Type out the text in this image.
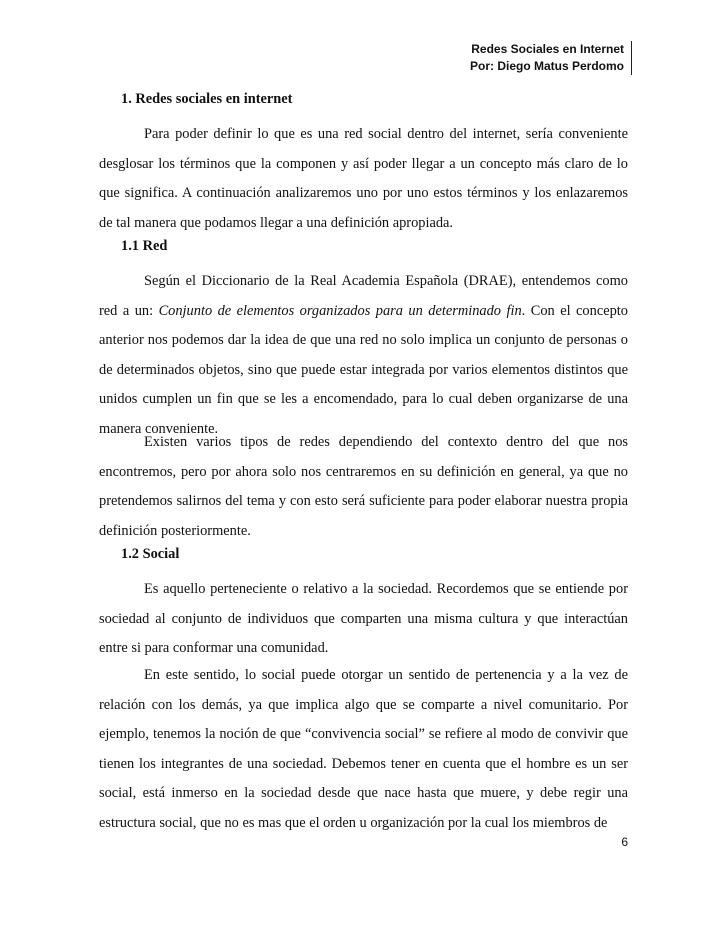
Redes Sociales en Internet
Por: Diego Matus Perdomo
1. Redes sociales en internet

Para poder definir lo que es una red social dentro del internet, sería conveniente desglosar los términos que la componen y así poder llegar a un concepto más claro de lo que significa. A continuación analizaremos uno por uno estos términos y los enlazaremos de tal manera que podamos llegar a una definición apropiada.

1.1 Red

Según el Diccionario de la Real Academia Española (DRAE), entendemos como red a un: Conjunto de elementos organizados para un determinado fin. Con el concepto anterior nos podemos dar la idea de que una red no solo implica un conjunto de personas o de determinados objetos, sino que puede estar integrada por varios elementos distintos que unidos cumplen un fin que se les a encomendado, para lo cual deben organizarse de una manera conveniente.

Existen varios tipos de redes dependiendo del contexto dentro del que nos encontremos, pero por ahora solo nos centraremos en su definición en general, ya que no pretendemos salirnos del tema y con esto será suficiente para poder elaborar nuestra propia definición posteriormente.

1.2 Social

Es aquello perteneciente o relativo a la sociedad. Recordemos que se entiende por sociedad al conjunto de individuos que comparten una misma cultura y que interactúan entre si para conformar una comunidad.

En este sentido, lo social puede otorgar un sentido de pertenencia y a la vez de relación con los demás, ya que implica algo que se comparte a nivel comunitario. Por ejemplo, tenemos la noción de que “convivencia social” se refiere al modo de convivir que tienen los integrantes de una sociedad. Debemos tener en cuenta que el hombre es un ser social, está inmerso en la sociedad desde que nace hasta que muere, y debe regir una estructura social, que no es mas que el orden u organización por la cual los miembros de

6
